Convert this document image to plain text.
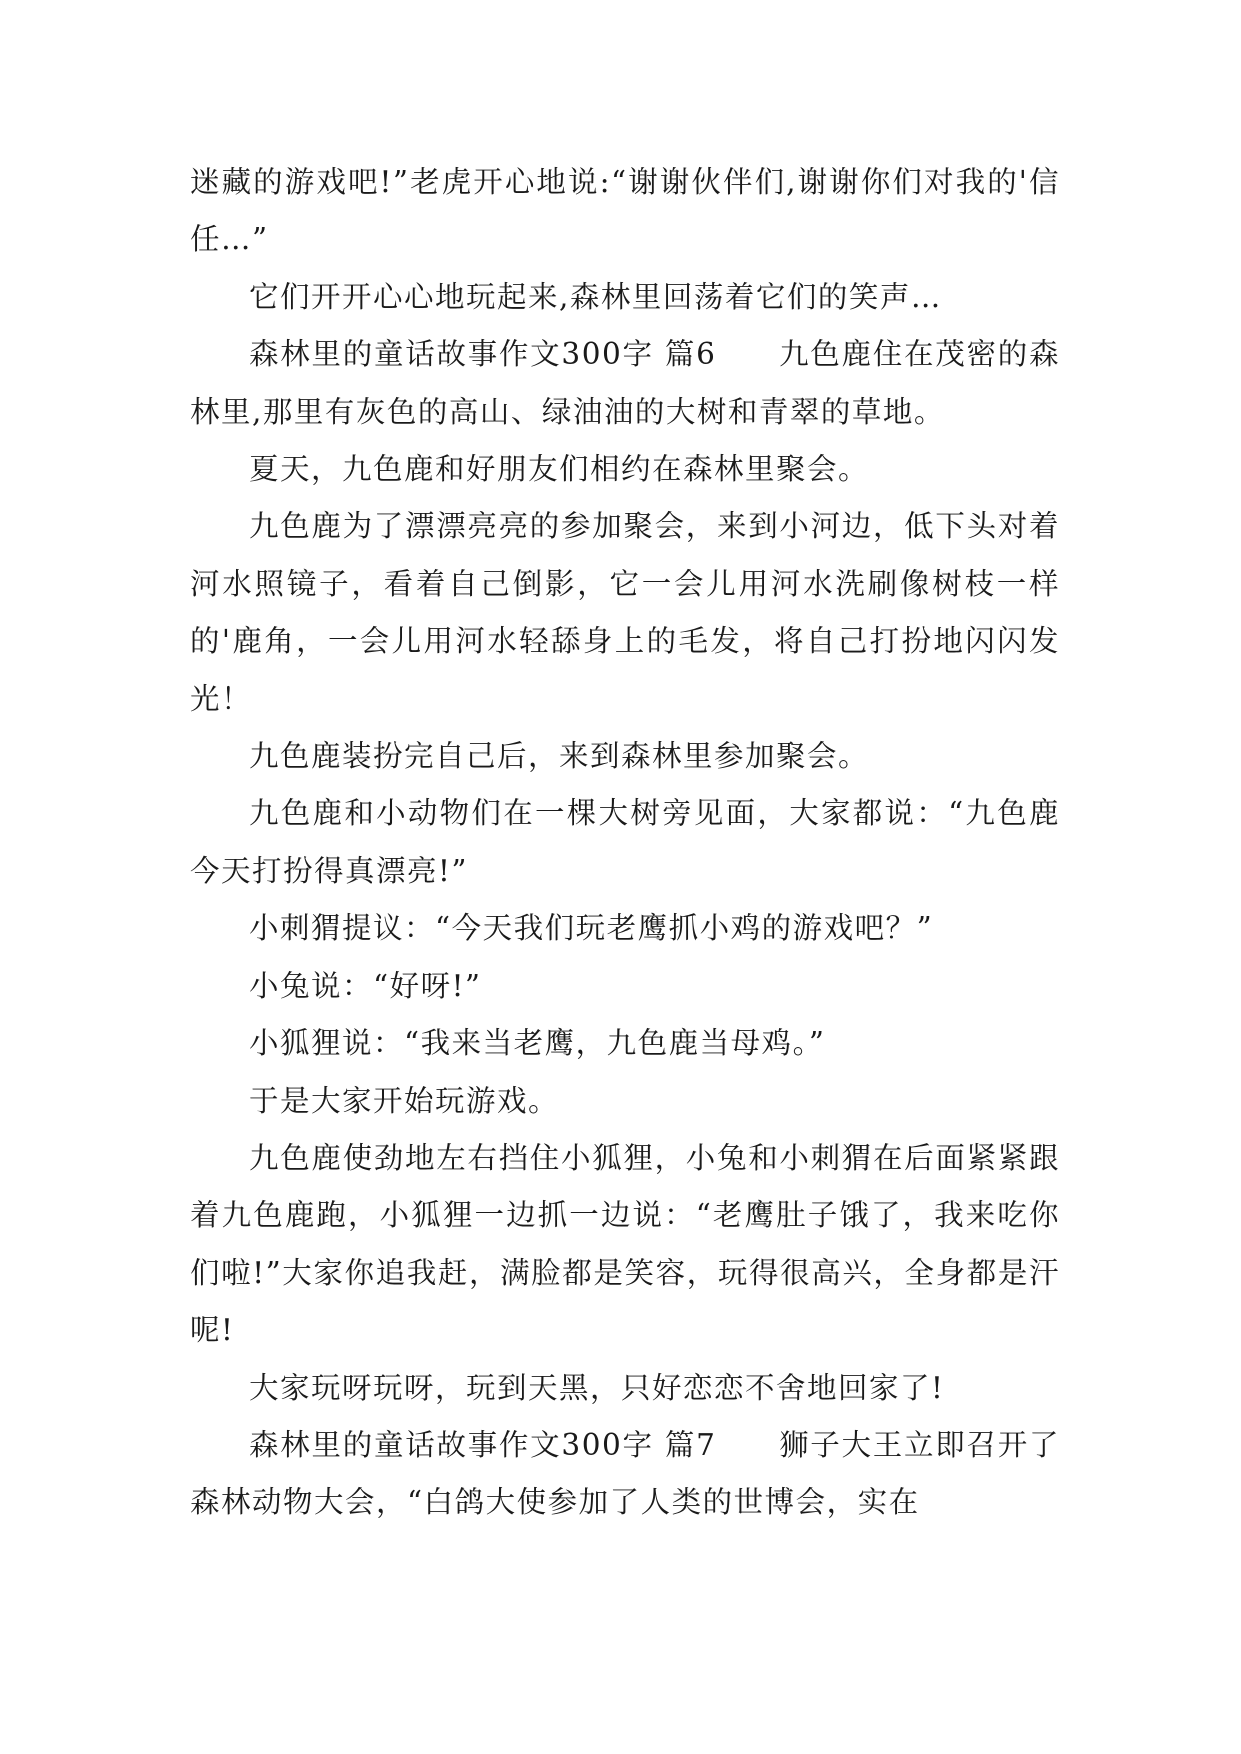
迷藏的游戏吧!”老虎开心地说:“谢谢伙伴们,谢谢你们对我的'信任…”

它们开开心心地玩起来,森林里回荡着它们的笑声…

森林里的童话故事作文300字 篇6　　九色鹿住在茂密的森林里,那里有灰色的高山、绿油油的大树和青翠的草地。

夏天，九色鹿和好朋友们相约在森林里聚会。

九色鹿为了漂漂亮亮的参加聚会，来到小河边，低下头对着河水照镜子，看着自己倒影，它一会儿用河水洗刷像树枝一样的'鹿角，一会儿用河水轻舔身上的毛发，将自己打扮地闪闪发光！

九色鹿装扮完自己后，来到森林里参加聚会。

九色鹿和小动物们在一棵大树旁见面，大家都说：“九色鹿今天打扮得真漂亮!”

小刺猬提议：“今天我们玩老鹰抓小鸡的游戏吧？”

小兔说：“好呀!”

小狐狸说：“我来当老鹰，九色鹿当母鸡。”

于是大家开始玩游戏。

九色鹿使劲地左右挡住小狐狸，小兔和小刺猬在后面紧紧跟着九色鹿跑，小狐狸一边抓一边说：“老鹰肚子饿了，我来吃你们啦!”大家你追我赶，满脸都是笑容，玩得很高兴，全身都是汗呢!

大家玩呀玩呀，玩到天黑，只好恋恋不舍地回家了!

森林里的童话故事作文300字 篇7　　狮子大王立即召开了森林动物大会，“白鸽大使参加了人类的世博会，实在
